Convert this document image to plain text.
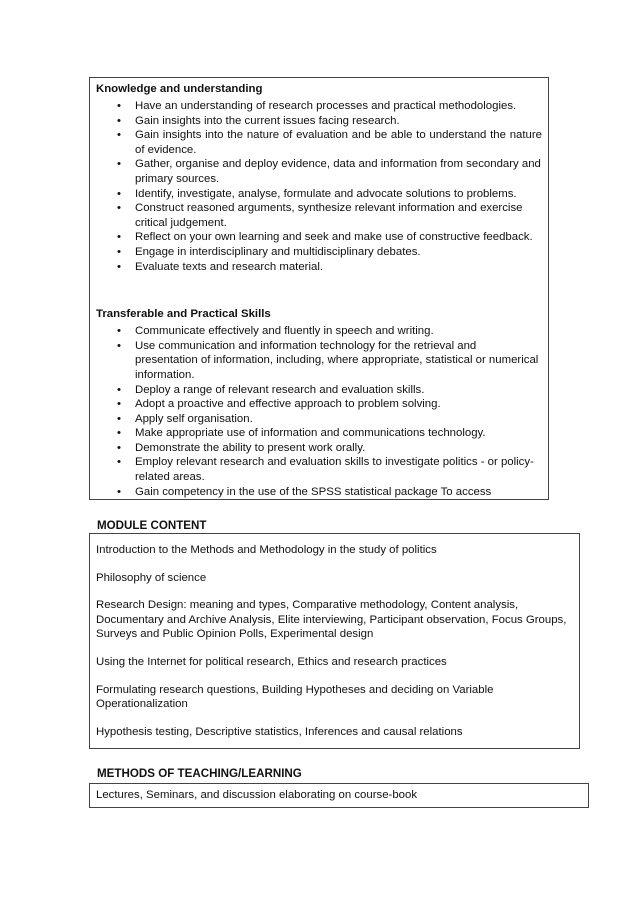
Knowledge and understanding
• Have an understanding of research processes and practical methodologies.
• Gain insights into the current issues facing research.
• Gain insights into the nature of evaluation and be able to understand the nature of evidence.
• Gather, organise and deploy evidence, data and information from secondary and primary sources.
• Identify, investigate, analyse, formulate and advocate solutions to problems.
• Construct reasoned arguments, synthesize relevant information and exercise critical judgement.
• Reflect on your own learning and seek and make use of constructive feedback.
• Engage in interdisciplinary and multidisciplinary debates.
• Evaluate texts and research material.
Transferable and Practical Skills
• Communicate effectively and fluently in speech and writing.
• Use communication and information technology for the retrieval and presentation of information, including, where appropriate, statistical or numerical information.
• Deploy a range of relevant research and evaluation skills.
• Adopt a proactive and effective approach to problem solving.
• Apply self organisation.
• Make appropriate use of information and communications technology.
• Demonstrate the ability to present work orally.
• Employ relevant research and evaluation skills to investigate politics - or policy-related areas.
• Gain competency in the use of the SPSS statistical package To access
MODULE CONTENT
Introduction to the Methods and Methodology in the study of politics
Philosophy of science
Research Design: meaning and types, Comparative methodology, Content analysis, Documentary and Archive Analysis, Elite interviewing, Participant observation, Focus Groups, Surveys and Public Opinion Polls, Experimental design
Using the Internet for political research, Ethics and research practices
Formulating research questions, Building Hypotheses and deciding on Variable Operationalization
Hypothesis testing, Descriptive statistics, Inferences and causal relations
METHODS OF TEACHING/LEARNING
Lectures, Seminars, and discussion elaborating on course-book
